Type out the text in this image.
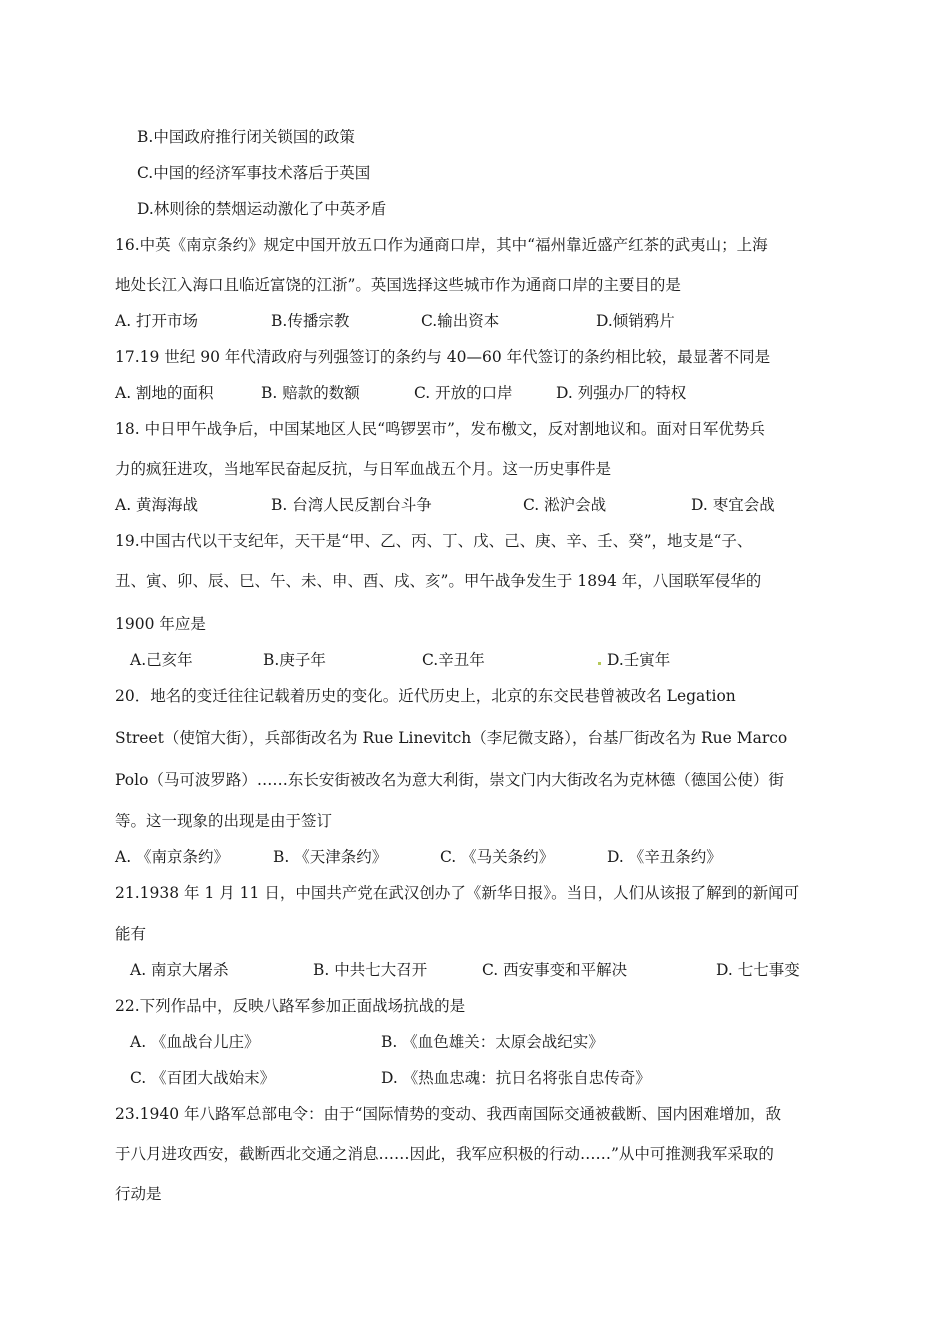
B.中国政府推行闭关锁国的政策
C.中国的经济军事技术落后于英国
D.林则徐的禁烟运动激化了中英矛盾
16.中英《南京条约》规定中国开放五口作为通商口岸，其中“福州靠近盛产红茶的武夷山；上海
地处长江入海口且临近富饶的江浙”。英国选择这些城市作为通商口岸的主要目的是
A. 打开市场	B.传播宗教	C.输出资本	D.倾销鸦片
17.19 世纪 90 年代清政府与列强签订的条约与 40—60 年代签订的条约相比较，最显著不同是
A. 割地的面积	B. 赔款的数额	C. 开放的口岸	D. 列强办厂的特权
18. 中日甲午战争后，中国某地区人民“鸣锣罢市”，发布檄文，反对割地议和。面对日军优势兵
力的疯狂进攻，当地军民奋起反抗，与日军血战五个月。这一历史事件是
A. 黄海海战	B. 台湾人民反割台斗争	C. 淞沪会战	D. 枣宜会战
19.中国古代以干支纪年，天干是“甲、乙、丙、丁、戊、己、庚、辛、壬、癸”，地支是“子、
丑、寅、卯、辰、巳、午、未、申、酉、戌、亥”。甲午战争发生于 1894 年，八国联军侵华的
1900 年应是
A.己亥年	B.庚子年	C.辛丑年	D.壬寅年
20．地名的变迁往往记载着历史的变化。近代历史上，北京的东交民巷曾被改名 Legation
Street（使馆大街），兵部街改名为 Rue Linevitch（李尼微支路），台基厂街改名为 Rue Marco
Polo（马可波罗路）……东长安街被改名为意大利街，崇文门内大街改名为克林德（德国公使）街
等。这一现象的出现是由于签订
A. 《南京条约》	B. 《天津条约》	C. 《马关条约》	D. 《辛丑条约》
21.1938 年 1 月 11 日，中国共产党在武汉创办了《新华日报》。当日，人们从该报了解到的新闻可
能有
A. 南京大屠杀	B. 中共七大召开	C. 西安事变和平解决	D. 七七事变
22.下列作品中，反映八路军参加正面战场抗战的是
A. 《血战台儿庄》	B. 《血色雄关：太原会战纪实》
C. 《百团大战始末》	D. 《热血忠魂：抗日名将张自忠传奇》
23.1940 年八路军总部电令：由于“国际情势的变动、我西南国际交通被截断、国内困难增加，敌
于八月进攻西安，截断西北交通之消息……因此，我军应积极的行动……”从中可推测我军采取的
行动是
